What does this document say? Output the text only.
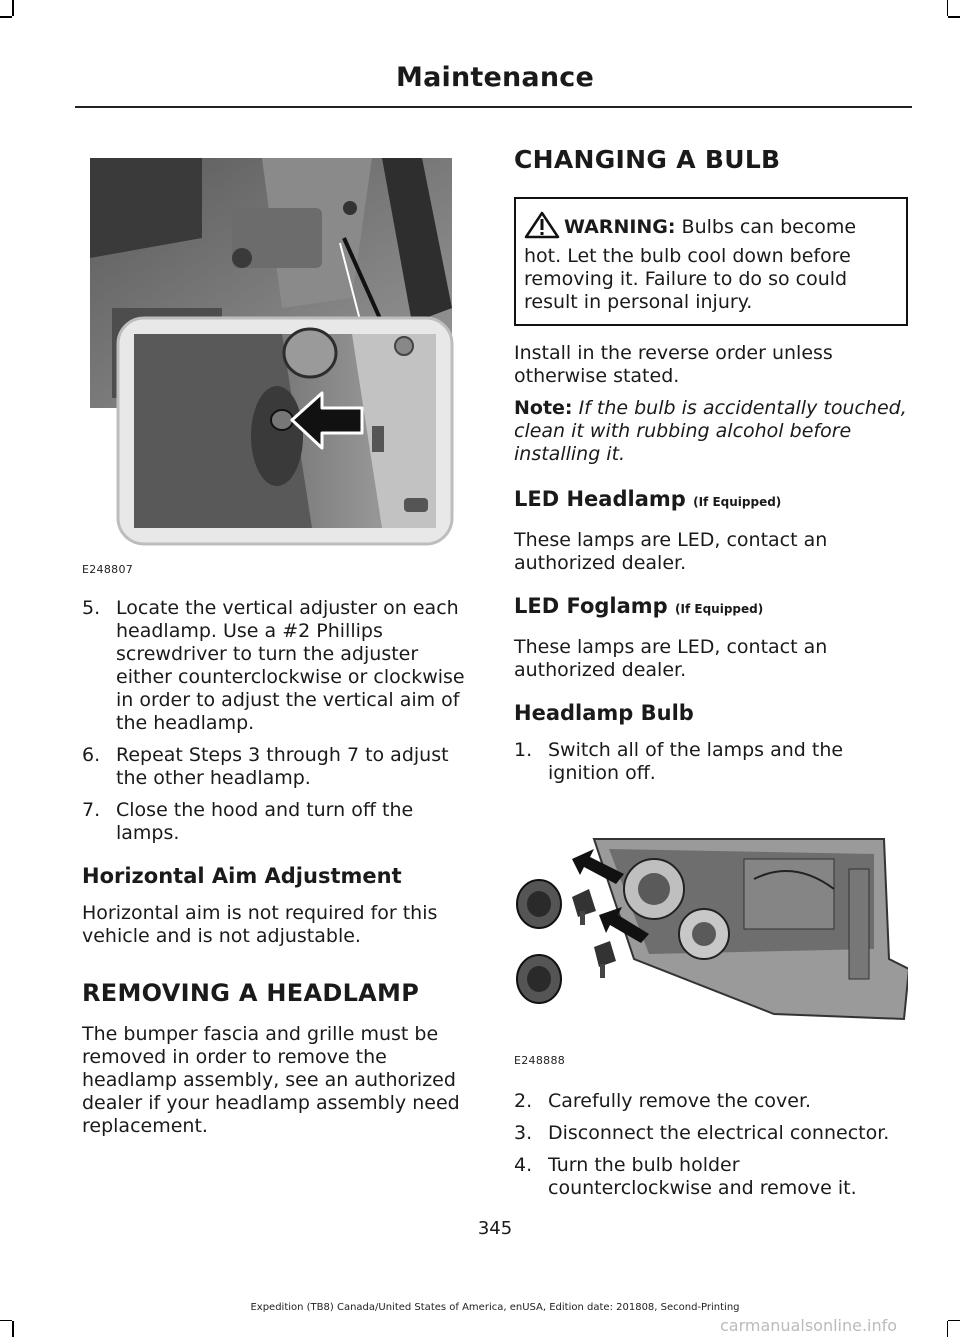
Maintenance
E248807
5. Locate the vertical adjuster on each headlamp. Use a #2 Phillips screwdriver to turn the adjuster either counterclockwise or clockwise in order to adjust the vertical aim of the headlamp.
6. Repeat Steps 3 through 7 to adjust the other headlamp.
7. Close the hood and turn off the lamps.
Horizontal Aim Adjustment

Horizontal aim is not required for this vehicle and is not adjustable.

REMOVING A HEADLAMP

The bumper fascia and grille must be removed in order to remove the headlamp assembly, see an authorized dealer if your headlamp assembly need replacement.

CHANGING A BULB
WARNING: Bulbs can become hot. Let the bulb cool down before removing it. Failure to do so could result in personal injury.

Install in the reverse order unless otherwise stated.

Note: If the bulb is accidentally touched, clean it with rubbing alcohol before installing it.

LED Headlamp (If Equipped)

These lamps are LED, contact an authorized dealer.

LED Foglamp (If Equipped)

These lamps are LED, contact an authorized dealer.

Headlamp Bulb
1. Switch all of the lamps and the ignition off.
E248888
2. Carefully remove the cover.
3. Disconnect the electrical connector.
4. Turn the bulb holder counterclockwise and remove it.
345
Expedition (TB8) Canada/United States of America, enUSA, Edition date: 201808, Second-Printing
carmanualsonline.info
